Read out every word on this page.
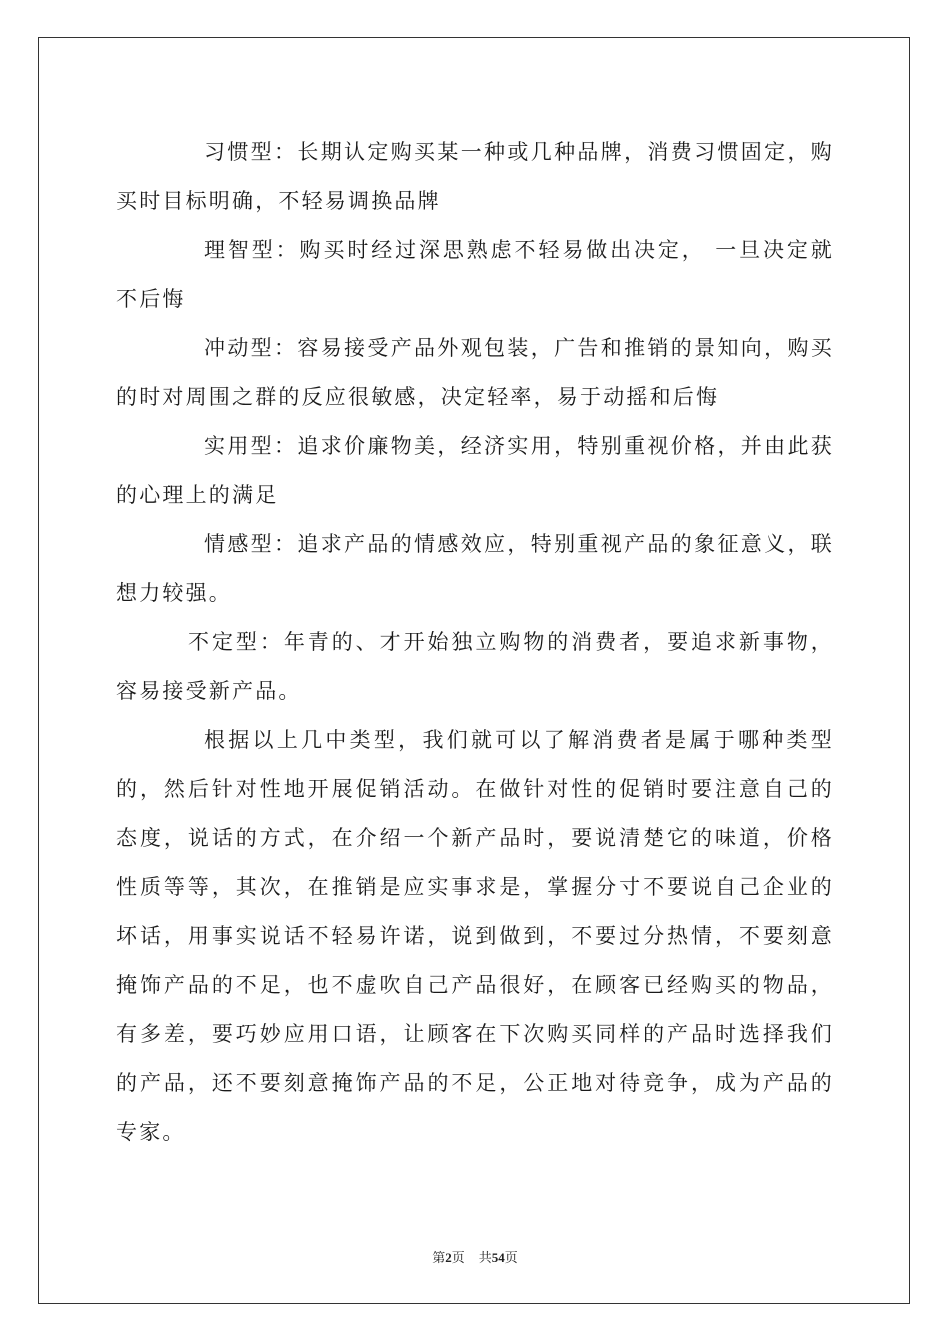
习惯型：长期认定购买某一种或几种品牌，消费习惯固定，购买时目标明确，不轻易调换品牌

理智型：购买时经过深思熟虑不轻易做出决定， 一旦决定就不后悔

冲动型：容易接受产品外观包装，广告和推销的景知向，购买的时对周围之群的反应很敏感，决定轻率，易于动摇和后悔

实用型：追求价廉物美，经济实用，特别重视价格，并由此获的心理上的满足

情感型：追求产品的情感效应，特别重视产品的象征意义，联想力较强。

不定型：年青的、才开始独立购物的消费者，要追求新事物，容易接受新产品。

根据以上几中类型，我们就可以了解消费者是属于哪种类型的，然后针对性地开展促销活动。在做针对性的促销时要注意自己的态度，说话的方式，在介绍一个新产品时，要说清楚它的味道，价格性质等等，其次，在推销是应实事求是，掌握分寸不要说自己企业的坏话，用事实说话不轻易许诺，说到做到，不要过分热情，不要刻意掩饰产品的不足，也不虚吹自己产品很好，在顾客已经购买的物品，有多差，要巧妙应用口语，让顾客在下次购买同样的产品时选择我们的产品，还不要刻意掩饰产品的不足，公正地对待竞争，成为产品的专家。

第2页 共54页
